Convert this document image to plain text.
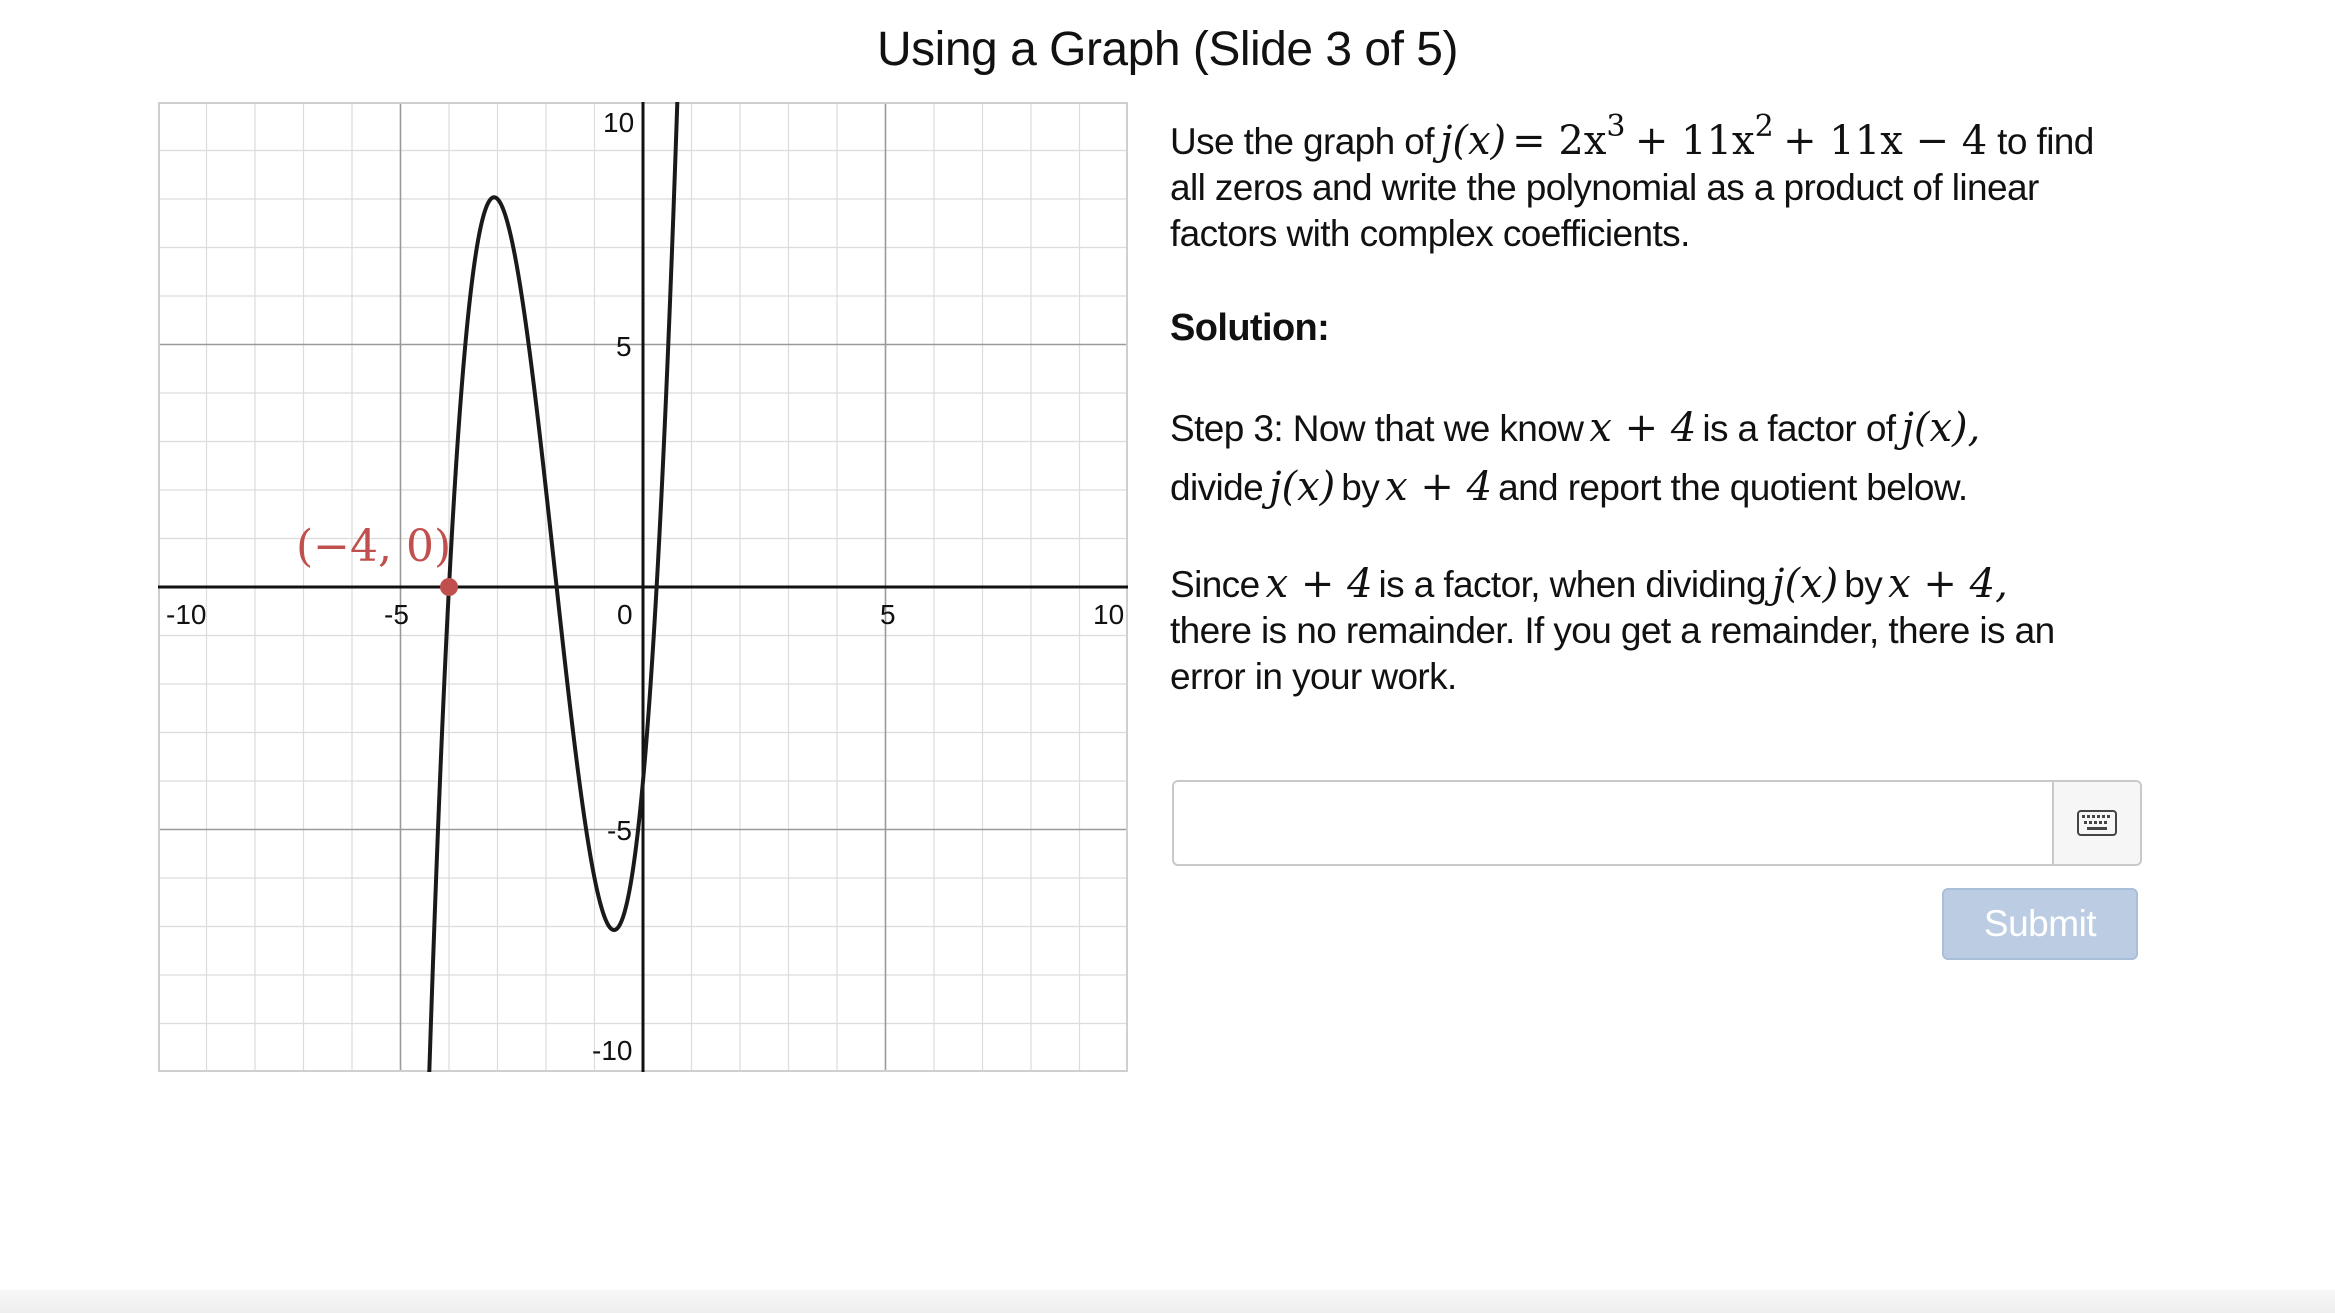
Using a Graph (Slide 3 of 5)
-10	-5	0	5	10
10
5
-5
-10
(−4, 0)

Use the graph of $j(x) = 2x^3 + 11x^2 + 11x - 4$ to find
all zeros and write the polynomial as a product of linear
factors with complex coefficients.

Solution:

Step 3: Now that we know x + 4 is a factor of j(x),
divide j(x) by x + 4 and report the quotient below.

Since x + 4 is a factor, when dividing j(x) by x + 4,
there is no remainder. If you get a remainder, there is an
error in your work.

Submit
